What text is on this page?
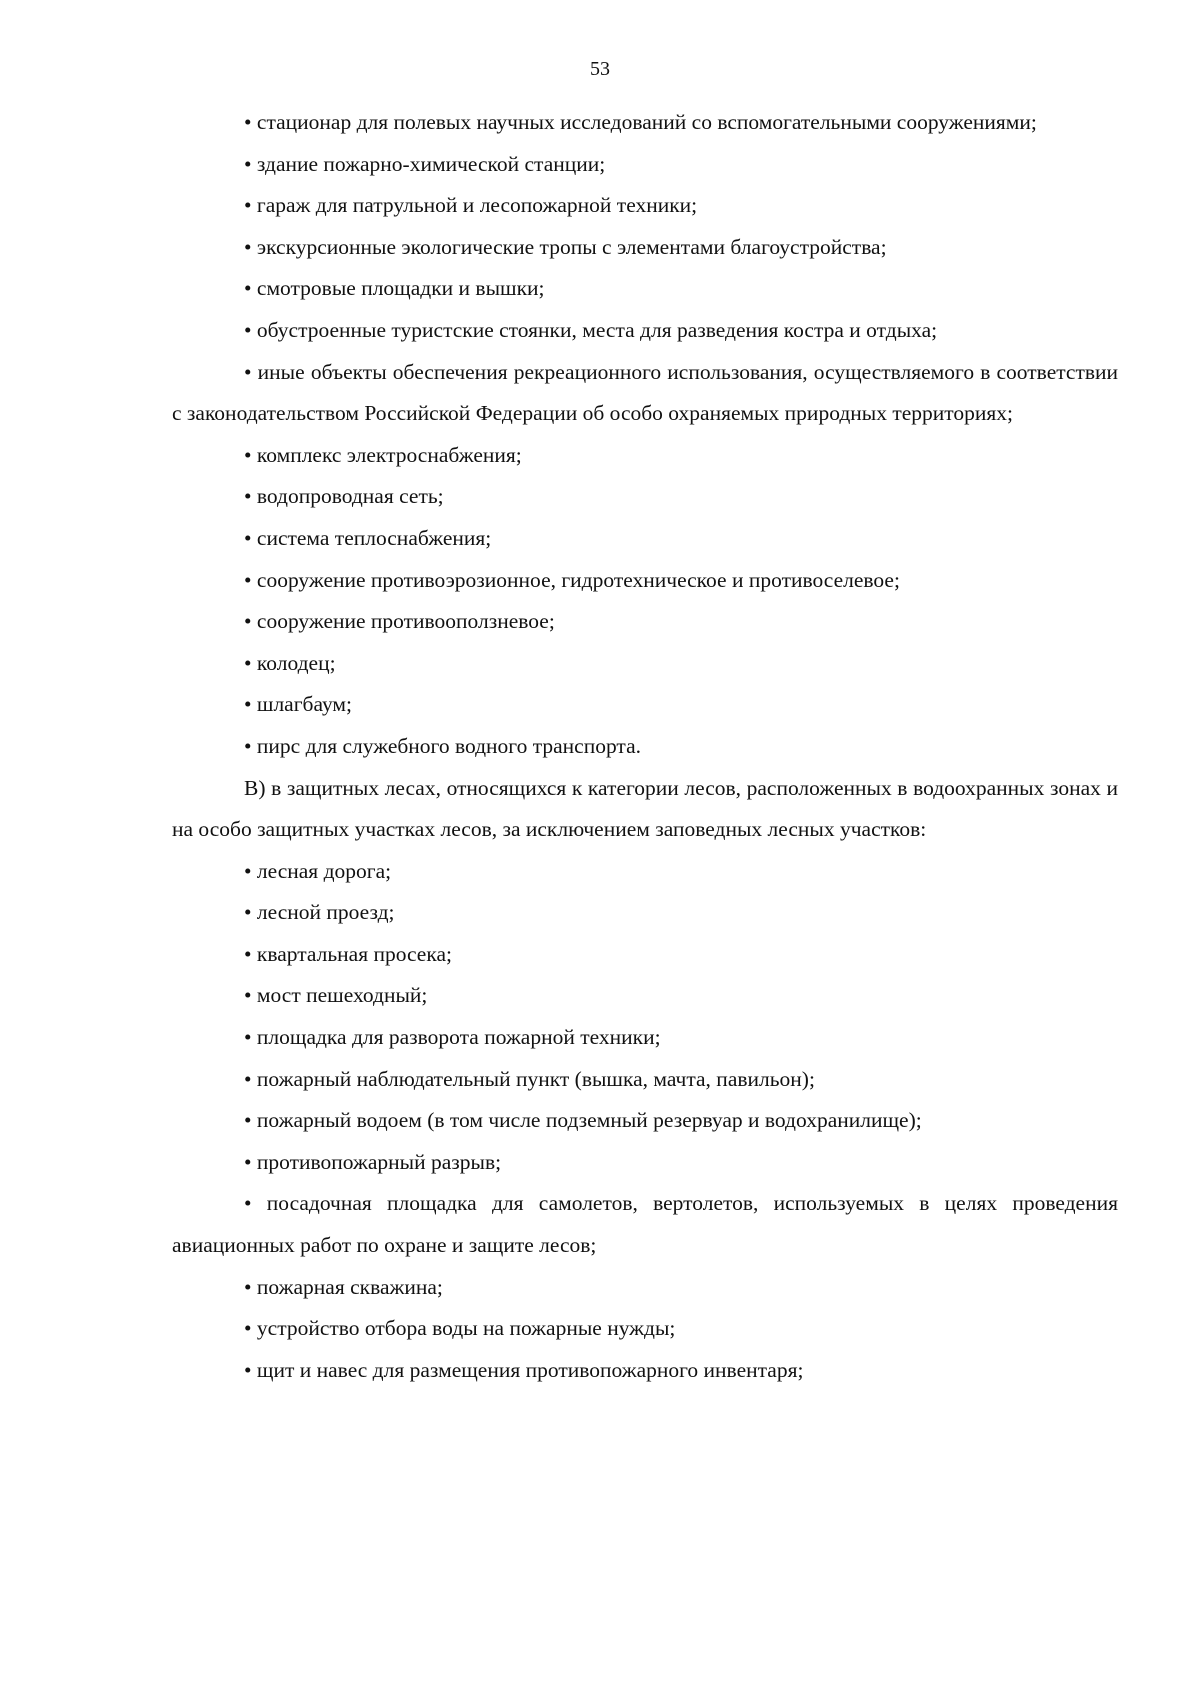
53

• стационар для полевых научных исследований со вспомогательными сооружениями;

• здание пожарно-химической станции;

• гараж для патрульной и лесопожарной техники;

• экскурсионные экологические тропы с элементами благоустройства;

• смотровые площадки и вышки;

• обустроенные туристские стоянки, места для разведения костра и отдыха;

• иные объекты обеспечения рекреационного использования, осуществляемого в соответствии с законодательством Российской Федерации об особо охраняемых природных территориях;

• комплекс электроснабжения;

• водопроводная сеть;

• система теплоснабжения;

• сооружение противоэрозионное, гидротехническое и противоселевое;

• сооружение противооползневое;

• колодец;

• шлагбаум;

• пирс для служебного водного транспорта.

В) в защитных лесах, относящихся к категории лесов, расположенных в водоохранных зонах и на особо защитных участках лесов, за исключением заповедных лесных участков:

• лесная дорога;

• лесной проезд;

• квартальная просека;

• мост пешеходный;

• площадка для разворота пожарной техники;

• пожарный наблюдательный пункт (вышка, мачта, павильон);

• пожарный водоем (в том числе подземный резервуар и водохранилище);

• противопожарный разрыв;

• посадочная площадка для самолетов, вертолетов, используемых в целях проведения авиационных работ по охране и защите лесов;

• пожарная скважина;

• устройство отбора воды на пожарные нужды;

• щит и навес для размещения противопожарного инвентаря;
